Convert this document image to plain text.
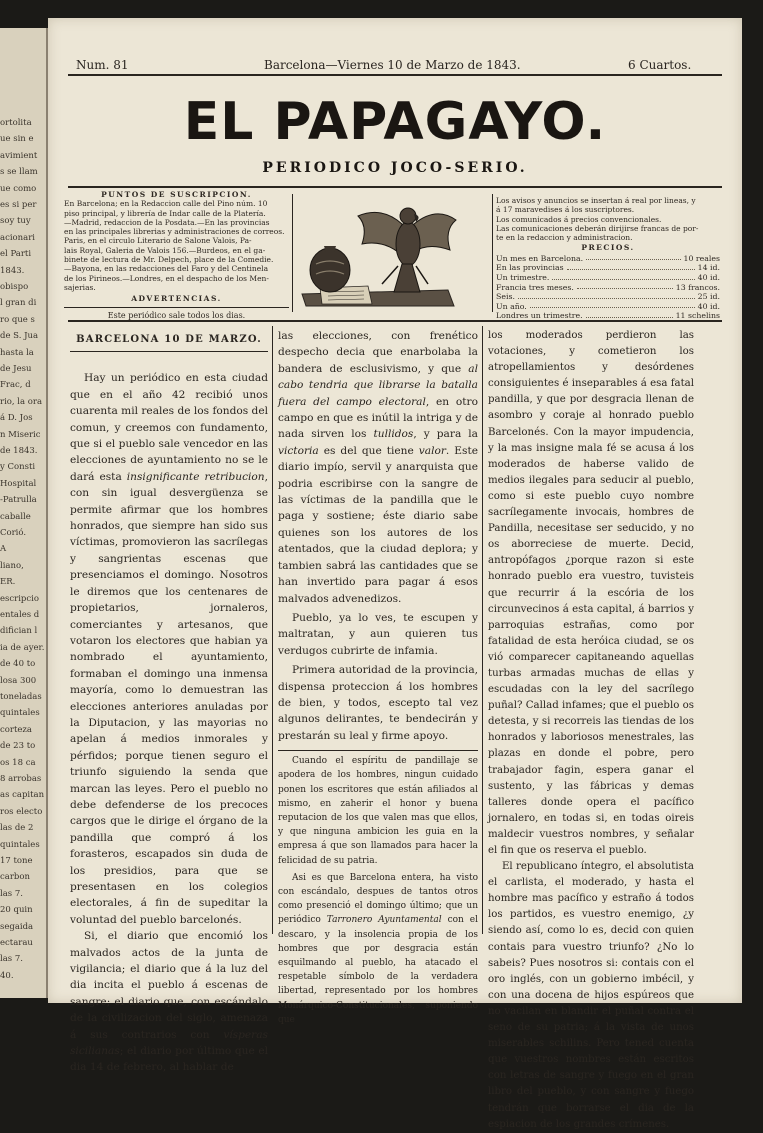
ortolita
ue sin e
avimient
s se llam
ue como
es si per
soy tuy
acionari
el Parti
1843.
obispo
l gran di
ro que s
de S. Jua
hasta la
de Jesu
Frac, d
rio, la ora
á D. Jos
n Miseric
de 1843.
y Consti
Hospital
-Patrulla
caballe
Corió.
A
liano,
ER.
escripcio
entales d
difician l
ia de ayer.
de 40 to
losa 300
toneladas
quintales
corteza
de 23 to
os 18 ca
8 arrobas
as capitan
ros electo
las de 2
quintales
17 tone
carbon
las 7.
20 quin
segaida
ectarau
las 7.
40.
Num. 81	Barcelona—Viernes 10 de Marzo de 1843.	6 Cuartos.
EL PAPAGAYO.
PERIODICO JOCO-SERIO.
PUNTOS DE SUSCRIPCION.
En Barcelona; en la Redaccion calle del Pino núm. 10
piso principal, y librería de Indar calle de la Platería.
—Madrid, redaccion de la Posdata.—En las provincias
en las principales librerias y administraciones de correos.
Paris, en el circulo Literario de Salone Valois, Pa-
lais Royal, Galeria de Valois 156.—Burdeos, en el ga-
binete de lectura de Mr. Delpech, place de la Comedie.
—Bayona, en las redacciones del Faro y del Centinela
de los Pirineos.—Londres, en el despacho de los Men-
sajerias.
ADVERTENCIAS.
Este periódico sale todos los dias.
Los avisos y anuncios se insertan á real por lineas, y
á 17 maravedises á los suscriptores.
Los comunicados á precios convencionales.
Las comunicaciones deberán dirijirse francas de por-
te en la redaccion y administracion.
PRECIOS.
Un mes en Barcelona.	10 reales
En las provincias	14 id.
Un trimestre.	40 id.
Francia tres meses.	13 francos.
Seis.	25 id.
Un año.	40 id.
Londres un trimestre.	11 schelins
BARCELONA 10 DE MARZO.

Hay un periódico en esta ciudad que en el año 42 recibió unos cuarenta mil reales de los fondos del comun, y creemos con fundamento, que si el pueblo sale vencedor en las elecciones de ayuntamiento no se le dará esta insignificante retribucion, con sin igual desvergüenza se permite afirmar que los hombres honrados, que siempre han sido sus víctimas, promovieron las sacrílegas y sangrientas escenas que presenciamos el domingo. Nosotros le diremos que los centenares de propietarios, jornaleros, comerciantes y artesanos, que votaron los electores que habian ya nombrado el ayuntamiento, formaban el domingo una inmensa mayoría, como lo demuestran las elecciones anteriores anuladas por la Diputacion, y las mayorias no apelan á medios inmorales y pérfidos; porque tienen seguro el triunfo siguiendo la senda que marcan las leyes. Pero el pueblo no debe defenderse de los precoces cargos que le dirige el órgano de la pandilla que compró á los forasteros, escapados sin duda de los presidios, para que se presentasen en los colegios electorales, á fin de supeditar la voluntad del pueblo barcelonés.

Si, el diario que encomió los malvados actos de la junta de vigilancia; el diario que á la luz del dia incita el pueblo á escenas de sangre; el diario que, con escándalo de la civilizacion del siglo, amenaza á sus contrarios con vísperas sicilianas; el diario por último que el dia 14 de febrero, al hablar de

las elecciones, con frenético despecho decia que enarbolaba la bandera de esclusivismo, y que al cabo tendria que librarse la batalla fuera del campo electoral, en otro campo en que es inútil la intriga y de nada sirven los tullidos, y para la victoria es del que tiene valor. Este diario impío, servil y anarquista que podria escribirse con la sangre de las víctimas de la pandilla que le paga y sostiene; éste diario sabe quienes son los autores de los atentados, que la ciudad deplora; y tambien sabrá las cantidades que se han invertido para pagar á esos malvados advenedizos.

Pueblo, ya lo ves, te escupen y maltratan, y aun quieren tus verdugos cubrirte de infamia.

Primera autoridad de la provincia, dispensa proteccion á los hombres de bien, y todos, escepto tal vez algunos delirantes, te bendecirán y prestarán su leal y firme apoyo.

Cuando el espíritu de pandillaje se apodera de los hombres, ningun cuidado ponen los escritores que están afiliados al mismo, en zaherir el honor y buena reputacion de los que valen mas que ellos, y que ninguna ambicion les guia en la empresa á que son llamados para hacer la felicidad de su patria.

Asi es que Barcelona entera, ha visto con escándalo, despues de tantos otros como presenció el domingo último; que un periódico Tarronero Ayuntamental con el descaro, y la insolencia propia de los hombres que por desgracia están esquilmando al pueblo, ha atacado el respetable símbolo de la verdadera libertad, representado por los hombres Monárquico-Constitucionales, suponiendo que

los moderados perdieron las votaciones, y cometieron los atropellamientos y desórdenes consiguientes é inseparables á esa fatal pandilla, y que por desgracia llenan de asombro y coraje al honrado pueblo Barcelonés. Con la mayor impudencia, y la mas insigne mala fé se acusa á los moderados de haberse valido de medios ilegales para seducir al pueblo, como si este pueblo cuyo nombre sacrílegamente invocais, hombres de Pandilla, necesitase ser seducido, y no os aborreciese de muerte. Decid, antropófagos ¿porque razon si este honrado pueblo era vuestro, tuvisteis que recurrir á la escória de los circunvecinos á esta capital, á barrios y parroquias estrañas, como por fatalidad de esta heróica ciudad, se os vió comparecer capitaneando aquellas turbas armadas muchas de ellas y escudadas con la ley del sacrílego puñal? Callad infames; que el pueblo os detesta, y si recorreis las tiendas de los honrados y laboriosos menestrales, las plazas en donde el pobre, pero trabajador fagin, espera ganar el sustento, y las fábricas y demas talleres donde opera el pacífico jornalero, en todas si, en todas oireis maldecir vuestros nombres, y señalar el fin que os reserva el pueblo.

El republicano íntegro, el absolutista el carlista, el moderado, y hasta el hombre mas pacífico y estraño á todos los partidos, es vuestro enemigo, ¿y siendo así, como lo es, decid con quien contais para vuestro triunfo? ¿No lo sabeis? Pues nosotros si: contais con el oro inglés, con un gobierno imbécil, y con una docena de hijos espúreos que no vacilan en blandir el puñal contra el seno de su patria; á la vista de unos miserables schilins. Pero tened cuenta que vuestros nombres están escritos con letras de sangre y fuego en el gran libro del pueblo, y con sangre y fuego tendrán que borrarse el dia de la espiacion de los grandes crímenes.
